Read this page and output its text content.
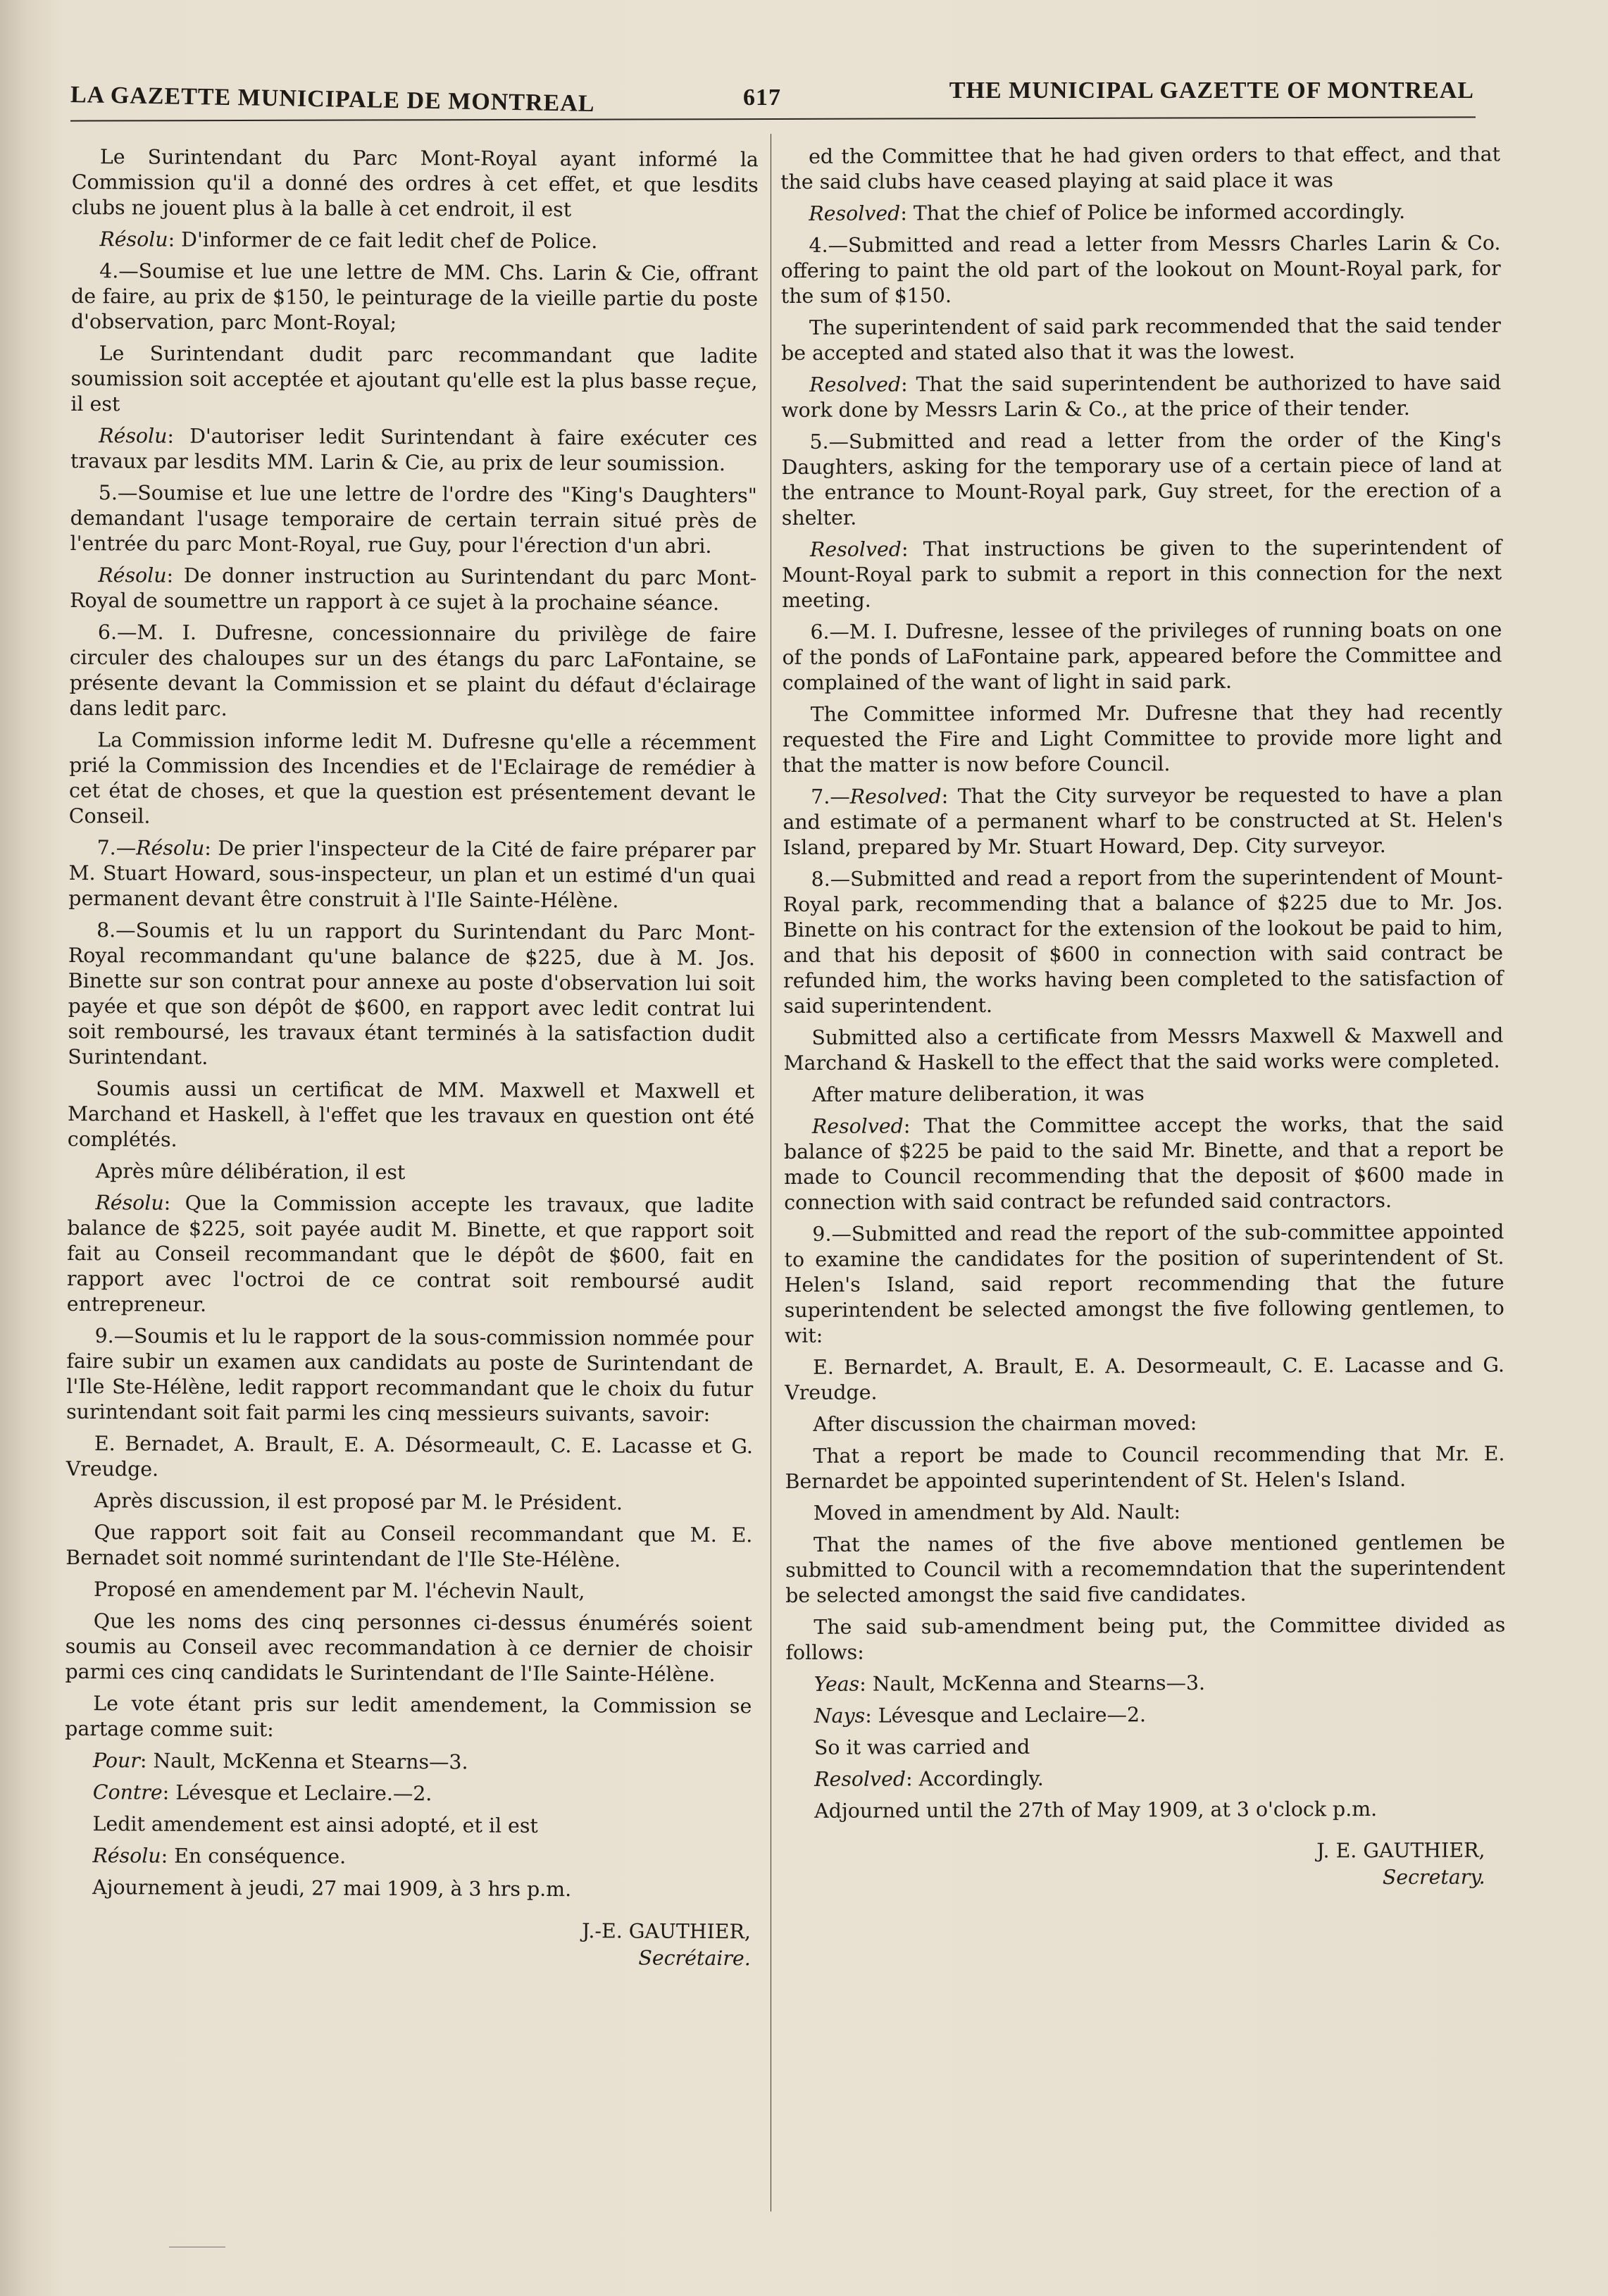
LA GAZETTE MUNICIPALE DE MONTREAL	617	THE MUNICIPAL GAZETTE OF MONTREAL

Le Surintendant du Parc Mont-Royal ayant informé la Commission qu'il a donné des ordres à cet effet, et que lesdits clubs ne jouent plus à la balle à cet endroit, il est

Résolu: D'informer de ce fait ledit chef de Police.

4.—Soumise et lue une lettre de MM. Chs. Larin & Cie, offrant de faire, au prix de $150, le peinturage de la vieille partie du poste d'observation, parc Mont-Royal;

Le Surintendant dudit parc recommandant que ladite soumission soit acceptée et ajoutant qu'elle est la plus basse reçue, il est

Résolu: D'autoriser ledit Surintendant à faire exécuter ces travaux par lesdits MM. Larin & Cie, au prix de leur soumission.

5.—Soumise et lue une lettre de l'ordre des "King's Daughters" demandant l'usage temporaire de certain terrain situé près de l'entrée du parc Mont-Royal, rue Guy, pour l'érection d'un abri.

Résolu: De donner instruction au Surintendant du parc Mont-Royal de soumettre un rapport à ce sujet à la prochaine séance.

6.—M. I. Dufresne, concessionnaire du privilège de faire circuler des chaloupes sur un des étangs du parc LaFontaine, se présente devant la Commission et se plaint du défaut d'éclairage dans ledit parc.

La Commission informe ledit M. Dufresne qu'elle a récemment prié la Commission des Incendies et de l'Eclairage de remédier à cet état de choses, et que la question est présentement devant le Conseil.

7.—Résolu: De prier l'inspecteur de la Cité de faire préparer par M. Stuart Howard, sous-inspecteur, un plan et un estimé d'un quai permanent devant être construit à l'Ile Sainte-Hélène.

8.—Soumis et lu un rapport du Surintendant du Parc Mont-Royal recommandant qu'une balance de $225, due à M. Jos. Binette sur son contrat pour annexe au poste d'observation lui soit payée et que son dépôt de $600, en rapport avec ledit contrat lui soit remboursé, les travaux étant terminés à la satisfaction dudit Surintendant.

Soumis aussi un certificat de MM. Maxwell et Maxwell et Marchand et Haskell, à l'effet que les travaux en question ont été complétés.

Après mûre délibération, il est

Résolu: Que la Commission accepte les travaux, que ladite balance de $225, soit payée audit M. Binette, et que rapport soit fait au Conseil recommandant que le dépôt de $600, fait en rapport avec l'octroi de ce contrat soit remboursé audit entrepreneur.

9.—Soumis et lu le rapport de la sous-commission nommée pour faire subir un examen aux candidats au poste de Surintendant de l'Ile Ste-Hélène, ledit rapport recommandant que le choix du futur surintendant soit fait parmi les cinq messieurs suivants, savoir:

E. Bernadet, A. Brault, E. A. Désormeault, C. E. Lacasse et G. Vreudge.

Après discussion, il est proposé par M. le Président.

Que rapport soit fait au Conseil recommandant que M. E. Bernadet soit nommé surintendant de l'Ile Ste-Hélène.

Proposé en amendement par M. l'échevin Nault,

Que les noms des cinq personnes ci-dessus énumérés soient soumis au Conseil avec recommandation à ce dernier de choisir parmi ces cinq candidats le Surintendant de l'Ile Sainte-Hélène.

Le vote étant pris sur ledit amendement, la Commission se partage comme suit:

Pour: Nault, McKenna et Stearns—3.

Contre: Lévesque et Leclaire.—2.

Ledit amendement est ainsi adopté, et il est

Résolu: En conséquence.

Ajournement à jeudi, 27 mai 1909, à 3 hrs p.m.

J.-E. GAUTHIER,
Secrétaire.

ed the Committee that he had given orders to that effect, and that the said clubs have ceased playing at said place it was

Resolved: That the chief of Police be informed accordingly.

4.—Submitted and read a letter from Messrs Charles Larin & Co. offering to paint the old part of the lookout on Mount-Royal park, for the sum of $150.

The superintendent of said park recommended that the said tender be accepted and stated also that it was the lowest.

Resolved: That the said superintendent be authorized to have said work done by Messrs Larin & Co., at the price of their tender.

5.—Submitted and read a letter from the order of the King's Daughters, asking for the temporary use of a certain piece of land at the entrance to Mount-Royal park, Guy street, for the erection of a shelter.

Resolved: That instructions be given to the superintendent of Mount-Royal park to submit a report in this connection for the next meeting.

6.—M. I. Dufresne, lessee of the privileges of running boats on one of the ponds of LaFontaine park, appeared before the Committee and complained of the want of light in said park.

The Committee informed Mr. Dufresne that they had recently requested the Fire and Light Committee to provide more light and that the matter is now before Council.

7.—Resolved: That the City surveyor be requested to have a plan and estimate of a permanent wharf to be constructed at St. Helen's Island, prepared by Mr. Stuart Howard, Dep. City surveyor.

8.—Submitted and read a report from the superintendent of Mount-Royal park, recommending that a balance of $225 due to Mr. Jos. Binette on his contract for the extension of the lookout be paid to him, and that his deposit of $600 in connection with said contract be refunded him, the works having been completed to the satisfaction of said superintendent.

Submitted also a certificate from Messrs Maxwell & Maxwell and Marchand & Haskell to the effect that the said works were completed.

After mature deliberation, it was

Resolved: That the Committee accept the works, that the said balance of $225 be paid to the said Mr. Binette, and that a report be made to Council recommending that the deposit of $600 made in connection with said contract be refunded said contractors.

9.—Submitted and read the report of the sub-committee appointed to examine the candidates for the position of superintendent of St. Helen's Island, said report recommending that the future superintendent be selected amongst the five following gentlemen, to wit:

E. Bernardet, A. Brault, E. A. Desormeault, C. E. Lacasse and G. Vreudge.

After discussion the chairman moved:

That a report be made to Council recommending that Mr. E. Bernardet be appointed superintendent of St. Helen's Island.

Moved in amendment by Ald. Nault:

That the names of the five above mentioned gentlemen be submitted to Council with a recomemndation that the superintendent be selected amongst the said five candidates.

The said sub-amendment being put, the Committee divided as follows:

Yeas: Nault, McKenna and Stearns—3.

Nays: Lévesque and Leclaire—2.

So it was carried and

Resolved: Accordingly.

Adjourned until the 27th of May 1909, at 3 o'clock p.m.

J. E. GAUTHIER,
Secretary.
